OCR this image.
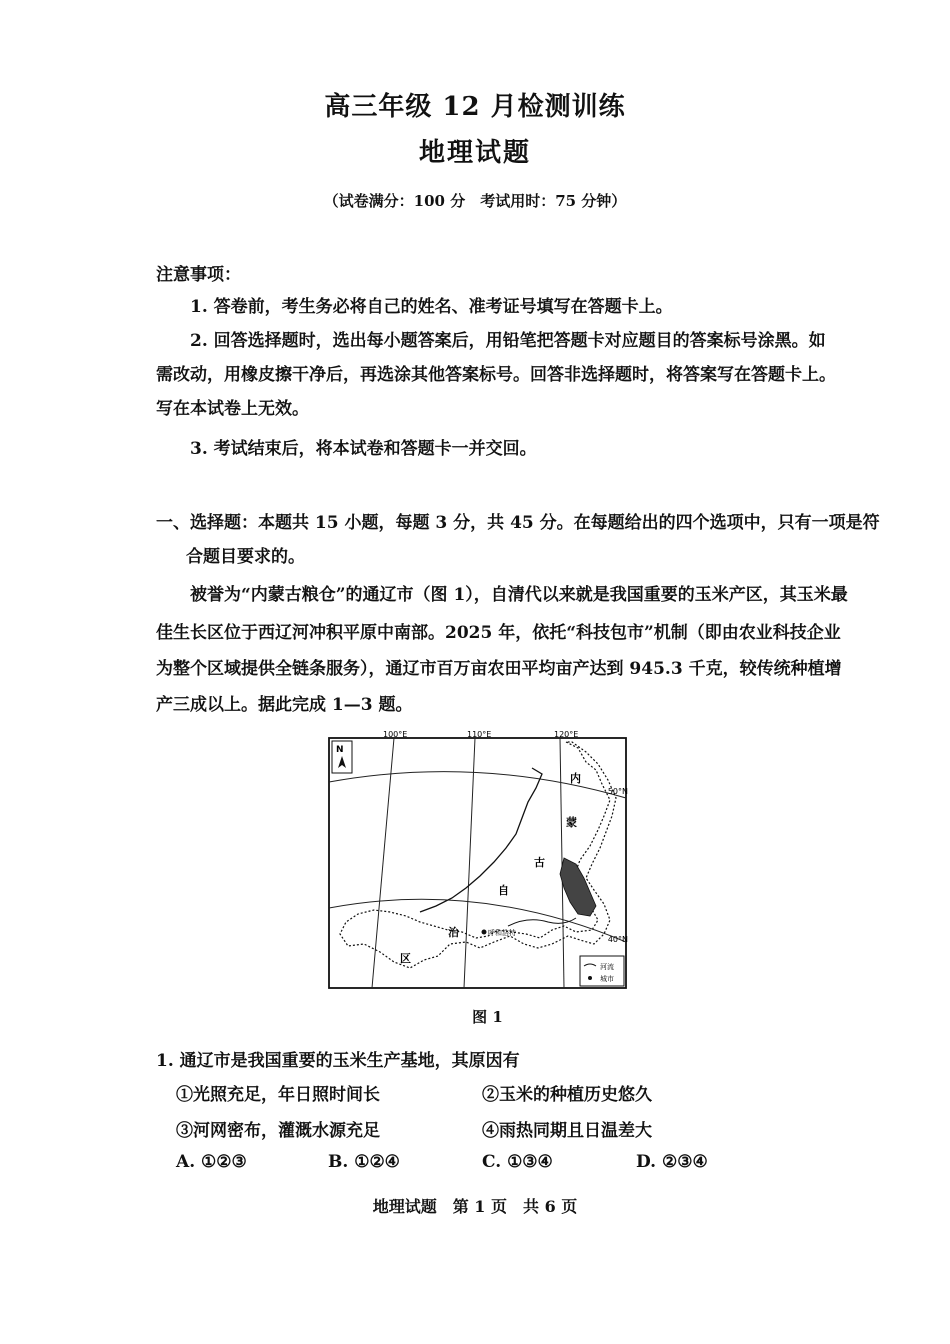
高三年级 12 月检测训练
地理试题
（试卷满分：100 分　考试用时：75 分钟）
注意事项：
1. 答卷前，考生务必将自己的姓名、准考证号填写在答题卡上。
2. 回答选择题时，选出每小题答案后，用铅笔把答题卡对应题目的答案标号涂黑。如
需改动，用橡皮擦干净后，再选涂其他答案标号。回答非选择题时，将答案写在答题卡上。
写在本试卷上无效。
3. 考试结束后，将本试卷和答题卡一并交回。
一、选择题：本题共 15 小题，每题 3 分，共 45 分。在每题给出的四个选项中，只有一项是符
合题目要求的。
被誉为“内蒙古粮仓”的通辽市（图 1），自清代以来就是我国重要的玉米产区，其玉米最
佳生长区位于西辽河冲积平原中南部。2025 年，依托“科技包市”机制（即由农业科技企业
为整个区域提供全链条服务），通辽市百万亩农田平均亩产达到 945.3 千克，较传统种植增
产三成以上。据此完成 1—3 题。
N
100°E	110°E	120°E
50°N
40°N
呼和浩特
内
蒙
古
自
治
区
河流
城市
图 1
1. 通辽市是我国重要的玉米生产基地，其原因有
①光照充足，年日照时间长	②玉米的种植历史悠久
③河网密布，灌溉水源充足	④雨热同期且日温差大
A. ①②③	B. ①②④	C. ①③④	D. ②③④
地理试题　第 1 页　共 6 页
